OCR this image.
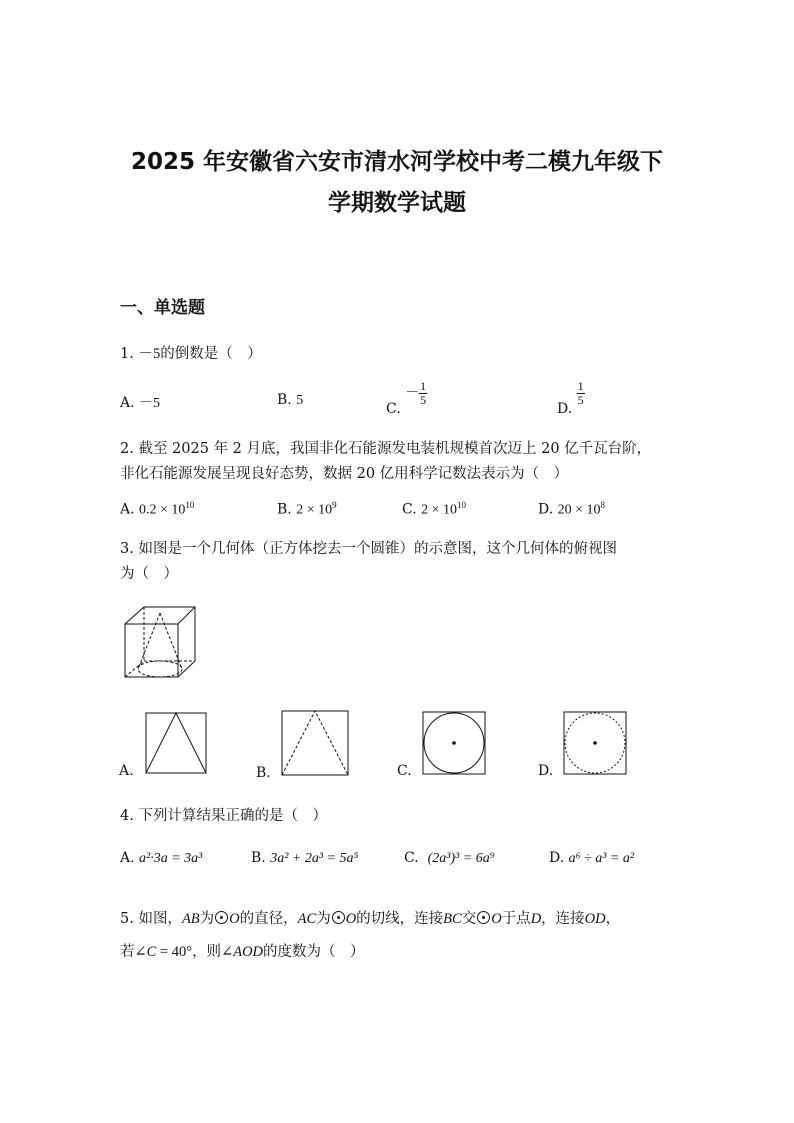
2025 年安徽省六安市清水河学校中考二模九年级下
学期数学试题
一、单选题
1. －5的倒数是（　）
A. －5	B. 5
C. － $\frac{1}{5}$
D.
$\frac{1}{5}$
2. 截至 2025 年 2 月底，我国非化石能源发电装机规模首次迈上 20 亿千瓦台阶，
非化石能源发展呈现良好态势，数据 20 亿用科学记数法表示为（　）
A. $0.2 \times 10^{10}$	B. $2 \times 10^9$	C. $2 \times 10^{10}$	D. $20 \times 10^8$
3. 如图是一个几何体（正方体挖去一个圆锥）的示意图，这个几何体的俯视图
为（　）
A.	B.	C.	D.
4. 下列计算结果正确的是（　）
A. a²·3a = 3a³	B. 3a² + 2a³ = 5a⁵	C. (2a³)³ = 6a⁹	D. a⁶ ÷ a³ = a²
5. 如图，AB为 O的直径，AC为 O的切线，连接BC交 O于点D，连接OD，
若∠C = 40°，则∠AOD的度数为（　）
